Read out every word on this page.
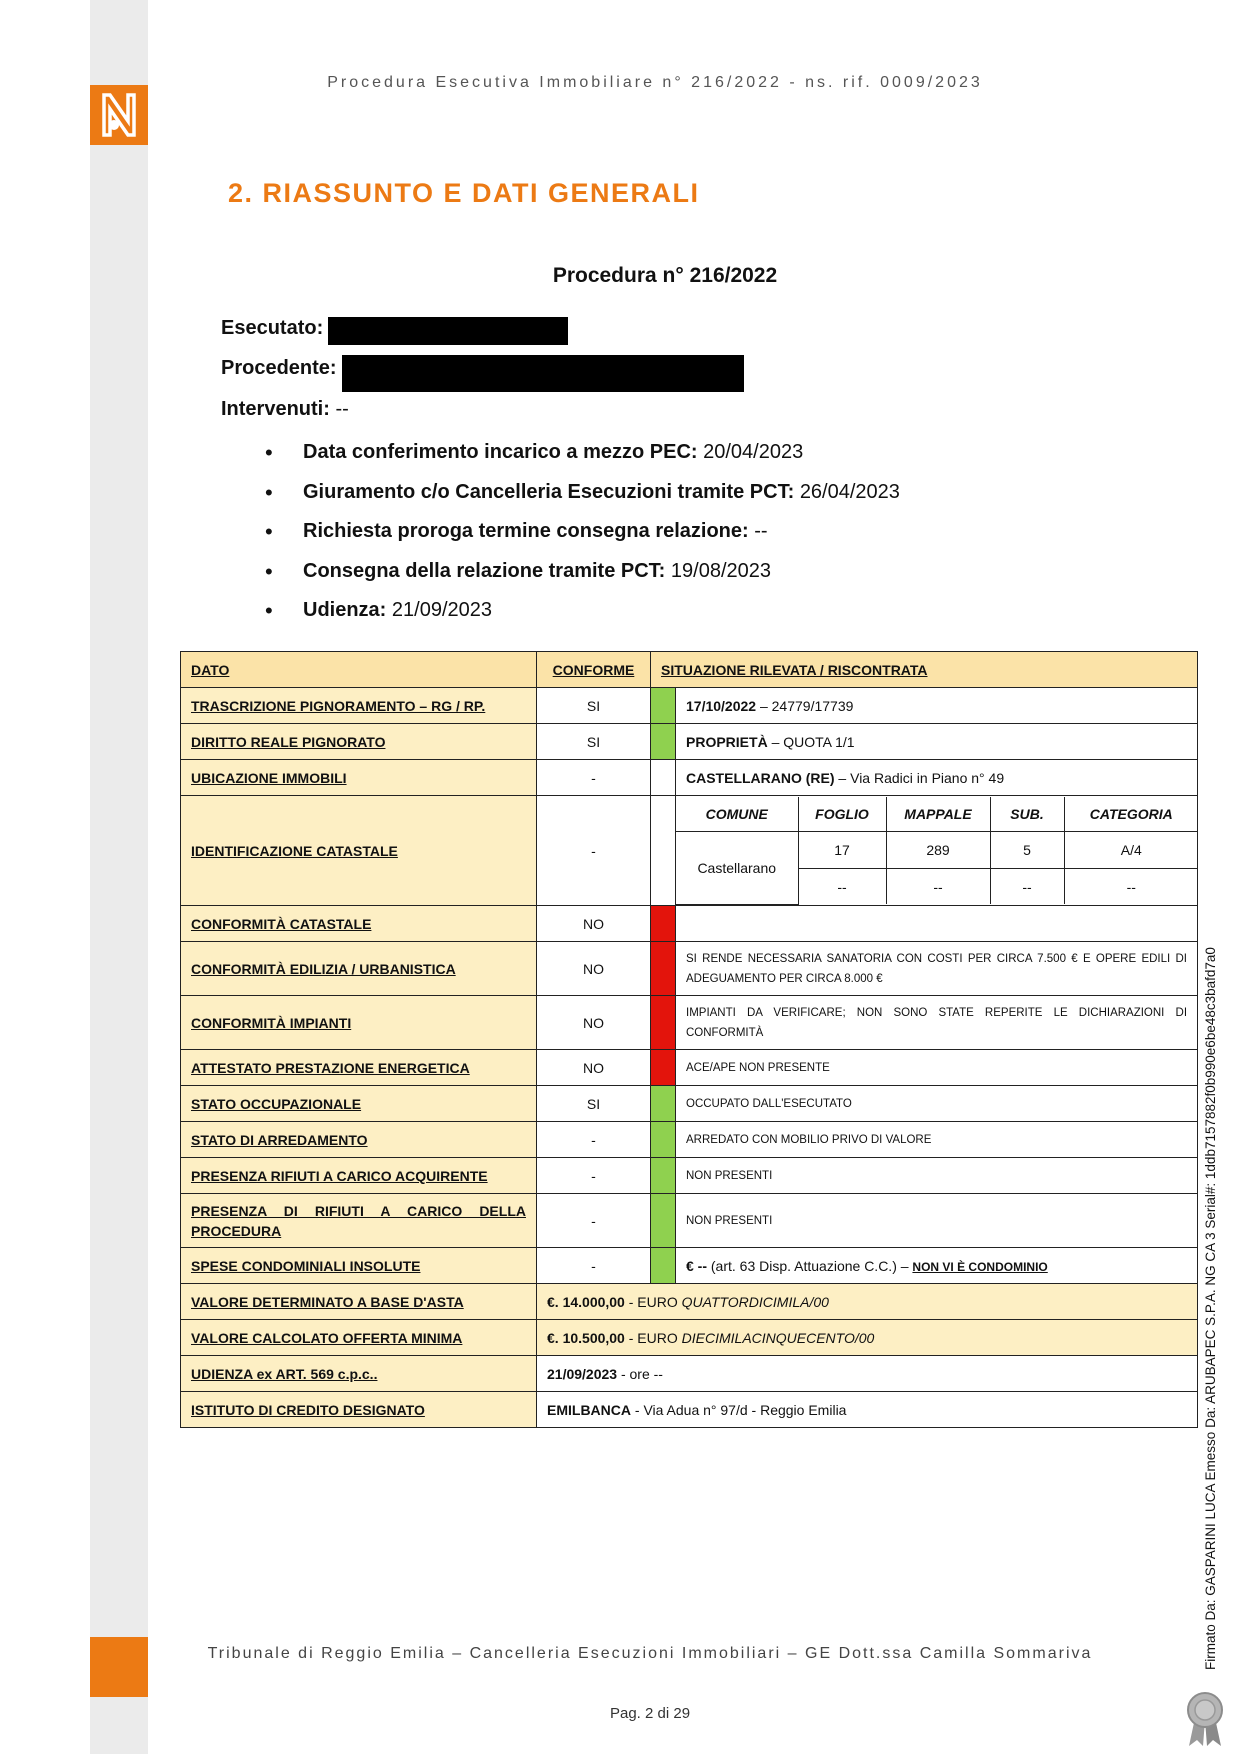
Procedura Esecutiva Immobiliare n° 216/2022 - ns. rif. 0009/2023
2. RIASSUNTO E DATI GENERALI
Procedura n° 216/2022
Esecutato:
Procedente:
Intervenuti: --
• Data conferimento incarico a mezzo PEC: 20/04/2023
• Giuramento c/o Cancelleria Esecuzioni tramite PCT: 26/04/2023
• Richiesta proroga termine consegna relazione: --
• Consegna della relazione tramite PCT: 19/08/2023
• Udienza: 21/09/2023
DATO	CONFORME	SITUAZIONE RILEVATA / RISCONTRATA
TRASCRIZIONE PIGNORAMENTO – RG / RP.	SI		17/10/2022 – 24779/17739
DIRITTO REALE PIGNORATO	SI		PROPRIETÀ – QUOTA 1/1
UBICAZIONE IMMOBILI	-		CASTELLARANO (RE) – Via Radici in Piano n° 49
IDENTIFICAZIONE CATASTALE	-		
COMUNE	FOGLIO	MAPPALE	SUB.	CATEGORIA
Castellarano	17	289	5	A/4
--	--	--	--

CONFORMITÀ CATASTALE	NO		
CONFORMITÀ EDILIZIA / URBANISTICA	NO		SI RENDE NECESSARIA SANATORIA CON COSTI PER CIRCA 7.500 € E OPERE EDILI DI ADEGUAMENTO PER CIRCA 8.000 €
CONFORMITÀ IMPIANTI	NO		IMPIANTI DA VERIFICARE; NON SONO STATE REPERITE LE DICHIARAZIONI DI CONFORMITÀ
ATTESTATO PRESTAZIONE ENERGETICA	NO		ACE/APE NON PRESENTE
STATO OCCUPAZIONALE	SI		OCCUPATO DALL'ESECUTATO
STATO DI ARREDAMENTO	-		ARREDATO CON MOBILIO PRIVO DI VALORE
PRESENZA RIFIUTI A CARICO ACQUIRENTE	-		NON PRESENTI
PRESENZA DI RIFIUTI A CARICO DELLA PROCEDURA	-		NON PRESENTI
SPESE CONDOMINIALI INSOLUTE	-		€ -- (art. 63 Disp. Attuazione C.C.) – NON VI È CONDOMINIO
VALORE DETERMINATO A BASE D'ASTA	€. 14.000,00 - EURO QUATTORDICIMILA/00
VALORE CALCOLATO OFFERTA MINIMA	€. 10.500,00 - EURO DIECIMILACINQUECENTO/00
UDIENZA ex ART. 569 c.p.c..	21/09/2023 - ore --
ISTITUTO DI CREDITO DESIGNATO	EMILBANCA - Via Adua n° 97/d - Reggio Emilia
Tribunale di Reggio Emilia – Cancelleria Esecuzioni Immobiliari – GE Dott.ssa Camilla Sommariva
Pag. 2 di 29
Firmato Da: GASPARINI LUCA Emesso Da: ARUBAPEC S.P.A. NG CA 3 Serial#: 1ddb7157882f0b990e6be48c3bafd7a0
